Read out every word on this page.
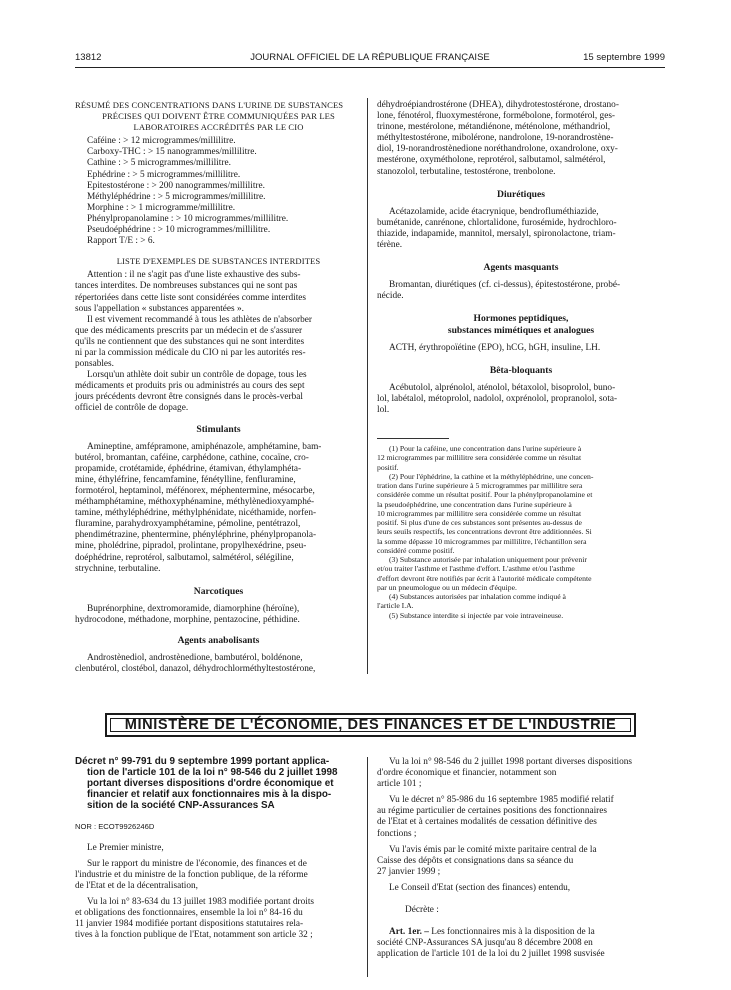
13812	JOURNAL OFFICIEL DE LA RÉPUBLIQUE FRANÇAISE	15 septembre 1999

RÉSUMÉ DES CONCENTRATIONS DANS L'URINE DE SUBSTANCES

PRÉCISES QUI DOIVENT ÊTRE COMMUNIQUÉES PAR LES

LABORATOIRES ACCRÉDITÉS PAR LE CIO

Caféine : > 12 microgrammes/millilitre.

Carboxy-THC : > 15 nanogrammes/millilitre.

Cathine : > 5 microgrammes/millilitre.

Ephédrine : > 5 microgrammes/millilitre.

Epitestostérone : > 200 nanogrammes/millilitre.

Méthyléphédrine : > 5 microgrammes/millilitre.

Morphine : > 1 microgramme/millilitre.

Phénylpropanolamine : > 10 microgrammes/millilitre.

Pseudoéphédrine : > 10 microgrammes/millilitre.

Rapport T/E : > 6.

LISTE D'EXEMPLES DE SUBSTANCES INTERDITES

Attention : il ne s'agit pas d'une liste exhaustive des subs-

tances interdites. De nombreuses substances qui ne sont pas

répertoriées dans cette liste sont considérées comme interdites

sous l'appellation « substances apparentées ».

Il est vivement recommandé à tous les athlètes de n'absorber

que des médicaments prescrits par un médecin et de s'assurer

qu'ils ne contiennent que des substances qui ne sont interdites

ni par la commission médicale du CIO ni par les autorités res-

ponsables.

Lorsqu'un athlète doit subir un contrôle de dopage, tous les

médicaments et produits pris ou administrés au cours des sept

jours précédents devront être consignés dans le procès-verbal

officiel de contrôle de dopage.

Stimulants

Amineptine, amfépramone, amiphénazole, amphétamine, bam-

butérol, bromantan, caféine, carphédone, cathine, cocaïne, cro-

propamide, crotétamide, éphédrine, étamivan, éthylamphéta-

mine, éthyléfrine, fencamfamine, fénétylline, fenfluramine,

formotérol, heptaminol, méfénorex, méphentermine, mésocarbe,

méthamphétamine, méthoxyphénamine, méthylènedioxyamphé-

tamine, méthyléphédrine, méthylphénidate, nicéthamide, norfen-

fluramine, parahydroxyamphétamine, pémoline, pentétrazol,

phendimétrazine, phentermine, phényléphrine, phénylpropanola-

mine, pholédrine, pipradol, prolintane, propylhexédrine, pseu-

doéphédrine, reprotérol, salbutamol, salmétérol, sélégiline,

strychnine, terbutaline.

Narcotiques

Buprénorphine, dextromoramide, diamorphine (héroïne),

hydrocodone, méthadone, morphine, pentazocine, péthidine.

Agents anabolisants

Androstènediol, androstènedione, bambutérol, boldénone,

clenbutérol, clostébol, danazol, déhydrochlorméthyltestostérone,

déhydroépiandrostérone (DHEA), dihydrotestostérone, drostano-

lone, fénotérol, fluoxymestérone, formébolone, formotérol, ges-

trinone, mestérolone, métandiénone, méténolone, méthandriol,

méthyltestostérone, mibolérone, nandrolone, 19-norandrostène-

diol, 19-norandrostènedione noréthandrolone, oxandrolone, oxy-

mestérone, oxymétholone, reprotérol, salbutamol, salmétérol,

stanozolol, terbutaline, testostérone, trenbolone.

Diurétiques

Acétazolamide, acide étacrynique, bendrofluméthiazide,

bumétanide, canrénone, chlortalidone, furosémide, hydrochloro-

thiazide, indapamide, mannitol, mersalyl, spironolactone, triam-

térène.

Agents masquants

Bromantan, diurétiques (cf. ci-dessus), épitestostérone, probé-

nécide.

Hormones peptidiques,

substances mimétiques et analogues

ACTH, érythropoïétine (EPO), hCG, hGH, insuline, LH.

Bêta-bloquants

Acébutolol, alprénolol, aténolol, bétaxolol, bisoprolol, buno-

lol, labétalol, métoprolol, nadolol, oxprénolol, propranolol, sota-

lol.

(1) Pour la caféine, une concentration dans l'urine supérieure à

12 microgrammes par millilitre sera considérée comme un résultat

positif.

(2) Pour l'éphédrine, la cathine et la méthyléphédrine, une concen-

tration dans l'urine supérieure à 5 microgrammes par millilitre sera

considérée comme un résultat positif. Pour la phénylpropanolamine et

la pseudoéphédrine, une concentration dans l'urine supérieure à

10 microgrammes par millilitre sera considérée comme un résultat

positif. Si plus d'une de ces substances sont présentes au-dessus de

leurs seuils respectifs, les concentrations devront être additionnées. Si

la somme dépasse 10 microgrammes par millilitre, l'échantillon sera

considéré comme positif.

(3) Substance autorisée par inhalation uniquement pour prévenir

et/ou traiter l'asthme et l'asthme d'effort. L'asthme et/ou l'asthme

d'effort devront être notifiés par écrit à l'autorité médicale compétente

par un pneumologue ou un médecin d'équipe.

(4) Substances autorisées par inhalation comme indiqué à

l'article I.A.

(5) Substance interdite si injectée par voie intraveineuse.

MINISTÈRE DE L'ÉCONOMIE, DES FINANCES ET DE L'INDUSTRIE

Décret n° 99-791 du 9 septembre 1999 portant applica-

tion de l'article 101 de la loi n° 98-546 du 2 juillet 1998

portant diverses dispositions d'ordre économique et

financier et relatif aux fonctionnaires mis à la dispo-

sition de la société CNP-Assurances SA

NOR : ECOT9926246D

Le Premier ministre,

Sur le rapport du ministre de l'économie, des finances et de

l'industrie et du ministre de la fonction publique, de la réforme

de l'Etat et de la décentralisation,

Vu la loi n° 83-634 du 13 juillet 1983 modifiée portant droits

et obligations des fonctionnaires, ensemble la loi n° 84-16 du

11 janvier 1984 modifiée portant dispositions statutaires rela-

tives à la fonction publique de l'Etat, notamment son article 32 ;

Vu la loi n° 98-546 du 2 juillet 1998 portant diverses dispositions

d'ordre économique et financier, notamment son

article 101 ;

Vu le décret n° 85-986 du 16 septembre 1985 modifié relatif

au régime particulier de certaines positions des fonctionnaires

de l'Etat et à certaines modalités de cessation définitive des

fonctions ;

Vu l'avis émis par le comité mixte paritaire central de la

Caisse des dépôts et consignations dans sa séance du

27 janvier 1999 ;

Le Conseil d'Etat (section des finances) entendu,

Décrète :

Art. 1er. – Les fonctionnaires mis à la disposition de la

société CNP-Assurances SA jusqu'au 8 décembre 2008 en

application de l'article 101 de la loi du 2 juillet 1998 susvisée
